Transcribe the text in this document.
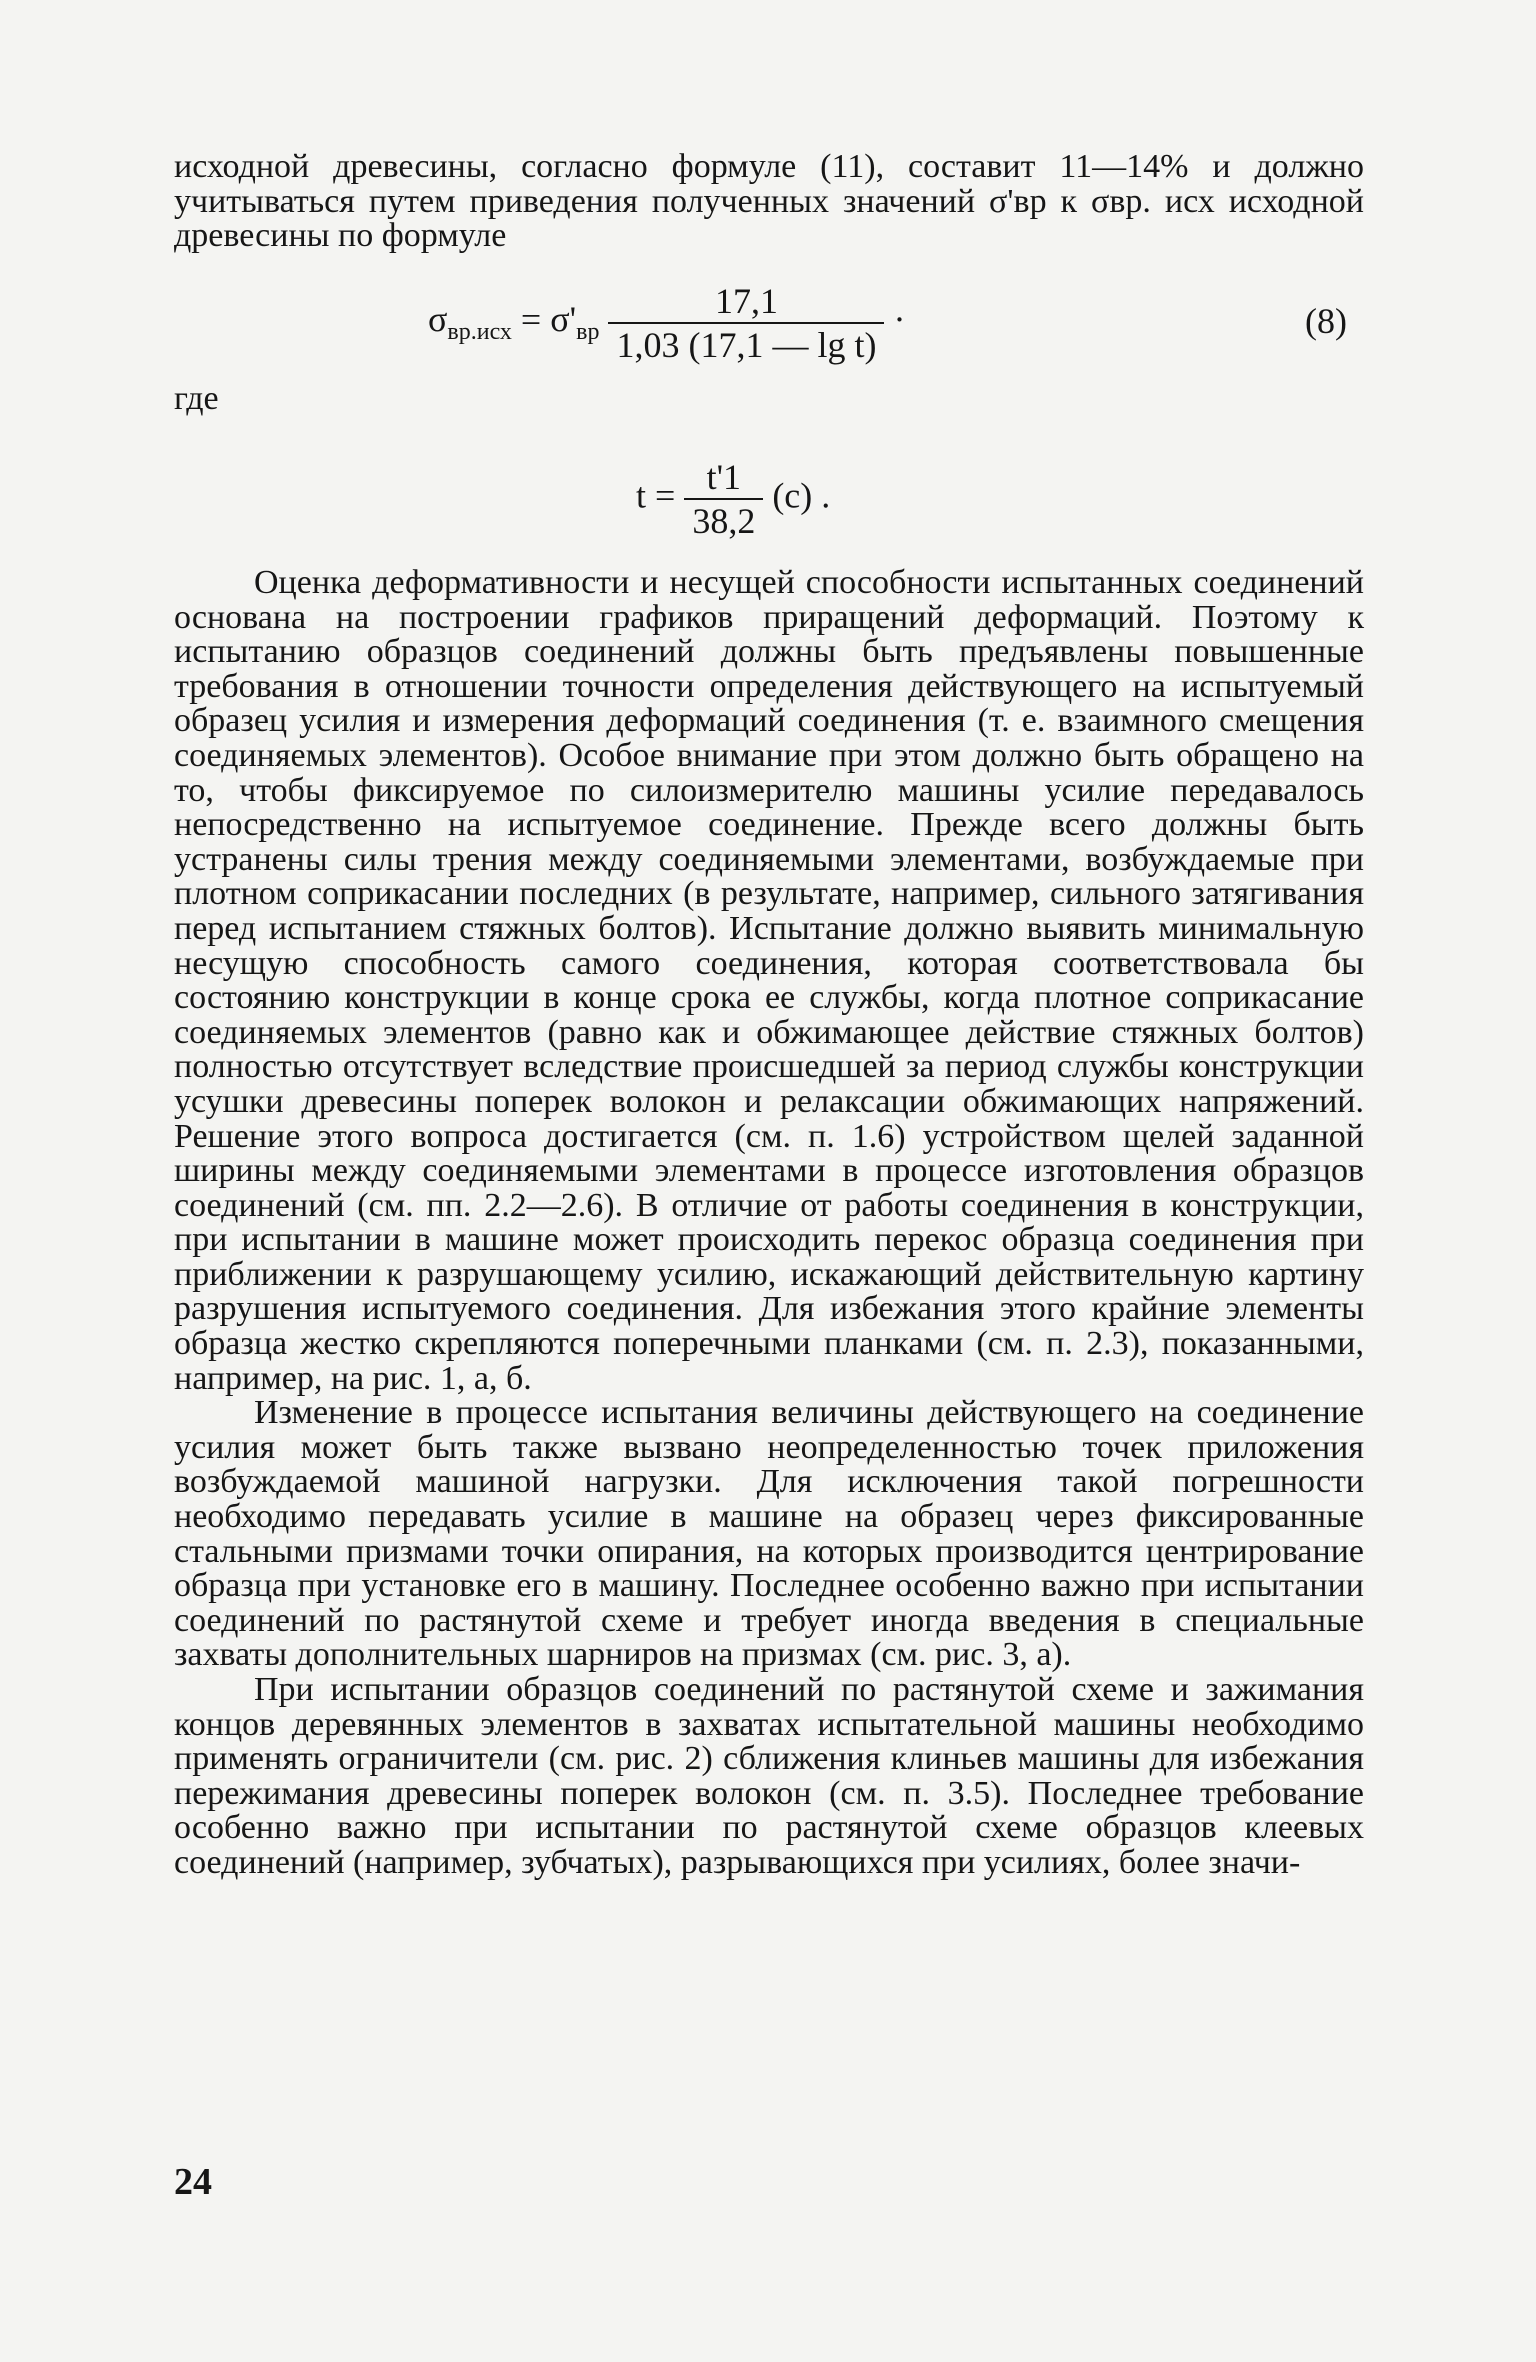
исходной древесины, согласно формуле (11), составит 11—14% и должно учитываться путем приведения полученных значений σ'вр к σвр. исх исходной древесины по формуле

$\sigma_{вр.исх} = \sigma'_{вр} \frac{17,1}{\text{1,03 (17,1 — lg t)}}$ ·	(8)
где
$t = \frac{t'1}{38,2} (c)$ .

Оценка деформативности и несущей способности испытанных соединений основана на построении графиков приращений деформаций. Поэтому к испытанию образцов соединений должны быть предъявлены повышенные требования в отношении точности определения действующего на испытуемый образец усилия и измерения деформаций соединения (т. е. взаимного смещения соединяемых элементов). Особое внимание при этом должно быть обращено на то, чтобы фиксируемое по силоизмерителю машины усилие передавалось непосредственно на испытуемое соединение. Прежде всего должны быть устранены силы трения между соединяемыми элементами, возбуждаемые при плотном соприкасании последних (в результате, например, сильного затягивания перед испытанием стяжных болтов). Испытание должно выявить минимальную несущую способность самого соединения, которая соответствовала бы состоянию конструкции в конце срока ее службы, когда плотное соприкасание соединяемых элементов (равно как и обжимающее действие стяжных болтов) полностью отсутствует вследствие происшедшей за период службы конструкции усушки древесины поперек волокон и релаксации обжимающих напряжений. Решение этого вопроса достигается (см. п. 1.6) устройством щелей заданной ширины между соединяемыми элементами в процессе изготовления образцов соединений (см. пп. 2.2—2.6). В отличие от работы соединения в конструкции, при испытании в машине может происходить перекос образца соединения при приближении к разрушающему усилию, искажающий действительную картину разрушения испытуемого соединения. Для избежания этого крайние элементы образца жестко скрепляются поперечными планками (см. п. 2.3), показанными, например, на рис. 1, а, б.

Изменение в процессе испытания величины действующего на соединение усилия может быть также вызвано неопределенностью точек приложения возбуждаемой машиной нагрузки. Для исключения такой погрешности необходимо передавать усилие в машине на образец через фиксированные стальными призмами точки опирания, на которых производится центрирование образца при установке его в машину. Последнее особенно важно при испытании соединений по растянутой схеме и требует иногда введения в специальные захваты дополнительных шарниров на призмах (см. рис. 3, а).

При испытании образцов соединений по растянутой схеме и зажимания концов деревянных элементов в захватах испытательной машины необходимо применять ограничители (см. рис. 2) сближения клиньев машины для избежания пережимания древесины поперек волокон (см. п. 3.5). Последнее требование особенно важно при испытании по растянутой схеме образцов клеевых соединений (например, зубчатых), разрывающихся при усилиях, более значи-

24
